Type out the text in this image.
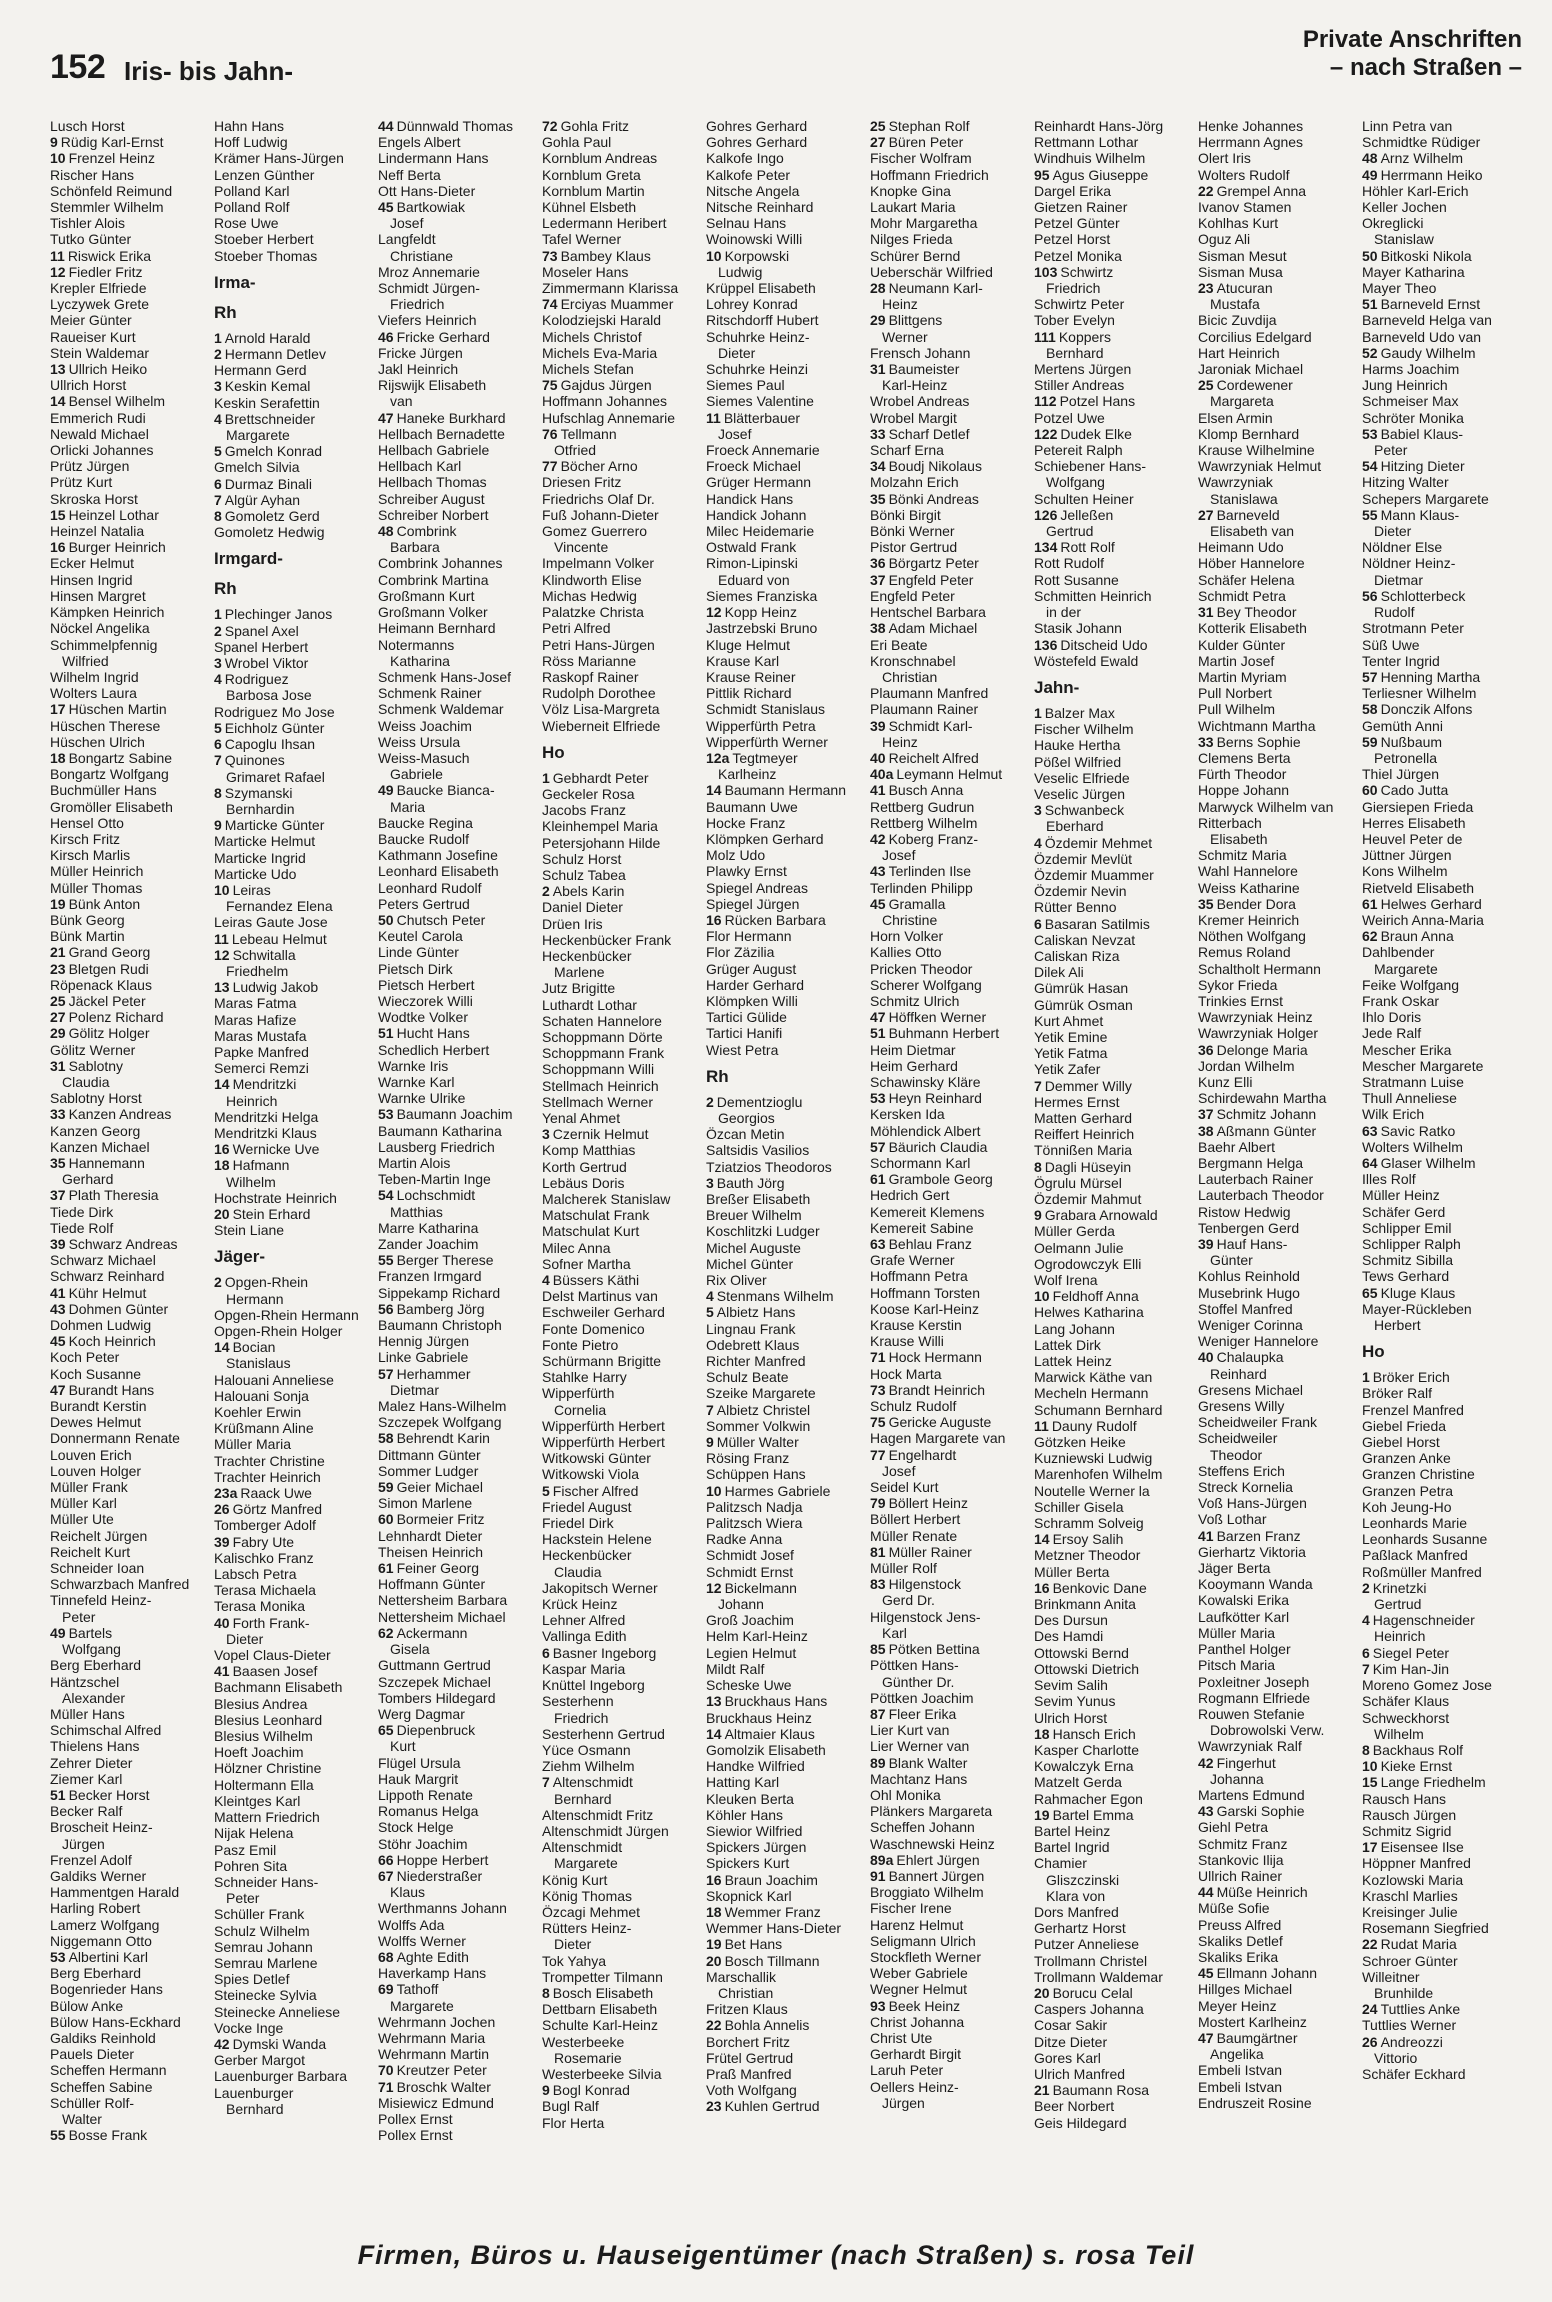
152 Iris- bis Jahn-
Private Anschriften
– nach Straßen –
Lusch Horst
9 Rüdig Karl-Ernst
10 Frenzel Heinz
Rischer Hans
Schönfeld Reimund
Stemmler Wilhelm
Tishler Alois
Tutko Günter
11 Riswick Erika
12 Fiedler Fritz
Krepler Elfriede
Lyczywek Grete
Meier Günter
Raueiser Kurt
Stein Waldemar
13 Ullrich Heiko
Ullrich Horst
14 Bensel Wilhelm
Emmerich Rudi
Newald Michael
Orlicki Johannes
Prütz Jürgen
Prütz Kurt
Skroska Horst
15 Heinzel Lothar
Heinzel Natalia
16 Burger Heinrich
Ecker Helmut
Hinsen Ingrid
Hinsen Margret
Kämpken Heinrich
Nöckel Angelika
Schimmelpfennig
Wilfried
Wilhelm Ingrid
Wolters Laura
17 Hüschen Martin
Hüschen Therese
Hüschen Ulrich
18 Bongartz Sabine
Bongartz Wolfgang
Buchmüller Hans
Gromöller Elisabeth
Hensel Otto
Kirsch Fritz
Kirsch Marlis
Müller Heinrich
Müller Thomas
19 Bünk Anton
Bünk Georg
Bünk Martin
21 Grand Georg
23 Bletgen Rudi
Röpenack Klaus
25 Jäckel Peter
27 Polenz Richard
29 Gölitz Holger
Gölitz Werner
31 Sablotny
Claudia
Sablotny Horst
33 Kanzen Andreas
Kanzen Georg
Kanzen Michael
35 Hannemann
Gerhard
37 Plath Theresia
Tiede Dirk
Tiede Rolf
39 Schwarz Andreas
Schwarz Michael
Schwarz Reinhard
41 Kühr Helmut
43 Dohmen Günter
Dohmen Ludwig
45 Koch Heinrich
Koch Peter
Koch Susanne
47 Burandt Hans
Burandt Kerstin
Dewes Helmut
Donnermann Renate
Louven Erich
Louven Holger
Müller Frank
Müller Karl
Müller Ute
Reichelt Jürgen
Reichelt Kurt
Schneider Ioan
Schwarzbach Manfred
Tinnefeld Heinz-
Peter
49 Bartels
Wolfgang
Berg Eberhard
Häntzschel
Alexander
Müller Hans
Schimschal Alfred
Thielens Hans
Zehrer Dieter
Ziemer Karl
51 Becker Horst
Becker Ralf
Broscheit Heinz-
Jürgen
Frenzel Adolf
Galdiks Werner
Hammentgen Harald
Harling Robert
Lamerz Wolfgang
Niggemann Otto
53 Albertini Karl
Berg Eberhard
Bogenrieder Hans
Bülow Anke
Bülow Hans-Eckhard
Galdiks Reinhold
Pauels Dieter
Scheffen Hermann
Scheffen Sabine
Schüller Rolf-
Walter
55 Bosse Frank
Hahn Hans
Hoff Ludwig
Krämer Hans-Jürgen
Lenzen Günther
Polland Karl
Polland Rolf
Rose Uwe
Stoeber Herbert
Stoeber Thomas
Irma-
Rh
1 Arnold Harald
2 Hermann Detlev
Hermann Gerd
3 Keskin Kemal
Keskin Serafettin
4 Brettschneider
Margarete
5 Gmelch Konrad
Gmelch Silvia
6 Durmaz Binali
7 Algür Ayhan
8 Gomoletz Gerd
Gomoletz Hedwig
Irmgard-
Rh
1 Plechinger Janos
2 Spanel Axel
Spanel Herbert
3 Wrobel Viktor
4 Rodriguez
Barbosa Jose
Rodriguez Mo Jose
5 Eichholz Günter
6 Capoglu Ihsan
7 Quinones
Grimaret Rafael
8 Szymanski
Bernhardin
9 Marticke Günter
Marticke Helmut
Marticke Ingrid
Marticke Udo
10 Leiras
Fernandez Elena
Leiras Gaute Jose
11 Lebeau Helmut
12 Schwitalla
Friedhelm
13 Ludwig Jakob
Maras Fatma
Maras Hafize
Maras Mustafa
Papke Manfred
Semerci Remzi
14 Mendritzki
Heinrich
Mendritzki Helga
Mendritzki Klaus
16 Wernicke Uve
18 Hafmann
Wilhelm
Hochstrate Heinrich
20 Stein Erhard
Stein Liane
Jäger-
2 Opgen-Rhein
Hermann
Opgen-Rhein Hermann
Opgen-Rhein Holger
14 Bocian
Stanislaus
Halouani Anneliese
Halouani Sonja
Koehler Erwin
Krüßmann Aline
Müller Maria
Trachter Christine
Trachter Heinrich
23a Raack Uwe
26 Görtz Manfred
Tomberger Adolf
39 Fabry Ute
Kalischko Franz
Labsch Petra
Terasa Michaela
Terasa Monika
40 Forth Frank-
Dieter
Vopel Claus-Dieter
41 Baasen Josef
Bachmann Elisabeth
Blesius Andrea
Blesius Leonhard
Blesius Wilhelm
Hoeft Joachim
Hölzner Christine
Holtermann Ella
Kleintges Karl
Mattern Friedrich
Nijak Helena
Pasz Emil
Pohren Sita
Schneider Hans-
Peter
Schüller Frank
Schulz Wilhelm
Semrau Johann
Semrau Marlene
Spies Detlef
Steinecke Sylvia
Steinecke Anneliese
Vocke Inge
42 Dymski Wanda
Gerber Margot
Lauenburger Barbara
Lauenburger
Bernhard
44 Dünnwald Thomas
Engels Albert
Lindermann Hans
Neff Berta
Ott Hans-Dieter
45 Bartkowiak
Josef
Langfeldt
Christiane
Mroz Annemarie
Schmidt Jürgen-
Friedrich
Viefers Heinrich
46 Fricke Gerhard
Fricke Jürgen
Jakl Heinrich
Rijswijk Elisabeth
van
47 Haneke Burkhard
Hellbach Bernadette
Hellbach Gabriele
Hellbach Karl
Hellbach Thomas
Schreiber August
Schreiber Norbert
48 Combrink
Barbara
Combrink Johannes
Combrink Martina
Großmann Kurt
Großmann Volker
Heimann Bernhard
Notermanns
Katharina
Schmenk Hans-Josef
Schmenk Rainer
Schmenk Waldemar
Weiss Joachim
Weiss Ursula
Weiss-Masuch
Gabriele
49 Baucke Bianca-
Maria
Baucke Regina
Baucke Rudolf
Kathmann Josefine
Leonhard Elisabeth
Leonhard Rudolf
Peters Gertrud
50 Chutsch Peter
Keutel Carola
Linde Günter
Pietsch Dirk
Pietsch Herbert
Wieczorek Willi
Wodtke Volker
51 Hucht Hans
Schedlich Herbert
Warnke Iris
Warnke Karl
Warnke Ulrike
53 Baumann Joachim
Baumann Katharina
Lausberg Friedrich
Martin Alois
Teben-Martin Inge
54 Lochschmidt
Matthias
Marre Katharina
Zander Joachim
55 Berger Therese
Franzen Irmgard
Sippekamp Richard
56 Bamberg Jörg
Baumann Christoph
Hennig Jürgen
Linke Gabriele
57 Herhammer
Dietmar
Malez Hans-Wilhelm
Szczepek Wolfgang
58 Behrendt Karin
Dittmann Günter
Sommer Ludger
59 Geier Michael
Simon Marlene
60 Bormeier Fritz
Lehnhardt Dieter
Theisen Heinrich
61 Feiner Georg
Hoffmann Günter
Nettersheim Barbara
Nettersheim Michael
62 Ackermann
Gisela
Guttmann Gertrud
Szczepek Michael
Tombers Hildegard
Werg Dagmar
65 Diepenbruck
Kurt
Flügel Ursula
Hauk Margrit
Lippoth Renate
Romanus Helga
Stock Helge
Stöhr Joachim
66 Hoppe Herbert
67 Niederstraßer
Klaus
Werthmanns Johann
Wolffs Ada
Wolffs Werner
68 Aghte Edith
Haverkamp Hans
69 Tathoff
Margarete
Wehrmann Jochen
Wehrmann Maria
Wehrmann Martin
70 Kreutzer Peter
71 Broschk Walter
Misiewicz Edmund
Pollex Ernst
Pollex Ernst
72 Gohla Fritz
Gohla Paul
Kornblum Andreas
Kornblum Greta
Kornblum Martin
Kühnel Elsbeth
Ledermann Heribert
Tafel Werner
73 Bambey Klaus
Moseler Hans
Zimmermann Klarissa
74 Erciyas Muammer
Kolodziejski Harald
Michels Christof
Michels Eva-Maria
Michels Stefan
75 Gajdus Jürgen
Hoffmann Johannes
Hufschlag Annemarie
76 Tellmann
Otfried
77 Böcher Arno
Driesen Fritz
Friedrichs Olaf Dr.
Fuß Johann-Dieter
Gomez Guerrero
Vincente
Impelmann Volker
Klindworth Elise
Michas Hedwig
Palatzke Christa
Petri Alfred
Petri Hans-Jürgen
Röss Marianne
Raskopf Rainer
Rudolph Dorothee
Völz Lisa-Margreta
Wieberneit Elfriede
Ho
1 Gebhardt Peter
Geckeler Rosa
Jacobs Franz
Kleinhempel Maria
Petersjohann Hilde
Schulz Horst
Schulz Tabea
2 Abels Karin
Daniel Dieter
Drüen Iris
Heckenbücker Frank
Heckenbücker
Marlene
Jutz Brigitte
Luthardt Lothar
Schaten Hannelore
Schoppmann Dörte
Schoppmann Frank
Schoppmann Willi
Stellmach Heinrich
Stellmach Werner
Yenal Ahmet
3 Czernik Helmut
Komp Matthias
Korth Gertrud
Lebäus Doris
Malcherek Stanislaw
Matschulat Frank
Matschulat Kurt
Milec Anna
Sofner Martha
4 Büssers Käthi
Delst Martinus van
Eschweiler Gerhard
Fonte Domenico
Fonte Pietro
Schürmann Brigitte
Stahlke Harry
Wipperfürth
Cornelia
Wipperfürth Herbert
Wipperfürth Herbert
Witkowski Günter
Witkowski Viola
5 Fischer Alfred
Friedel August
Friedel Dirk
Hackstein Helene
Heckenbücker
Claudia
Jakopitsch Werner
Krück Heinz
Lehner Alfred
Vallinga Edith
6 Basner Ingeborg
Kaspar Maria
Knüttel Ingeborg
Sesterhenn
Friedrich
Sesterhenn Gertrud
Yüce Osmann
Ziehm Wilhelm
7 Altenschmidt
Bernhard
Altenschmidt Fritz
Altenschmidt Jürgen
Altenschmidt
Margarete
König Kurt
König Thomas
Özcagi Mehmet
Rütters Heinz-
Dieter
Tok Yahya
Trompetter Tilmann
8 Bosch Elisabeth
Dettbarn Elisabeth
Schulte Karl-Heinz
Westerbeeke
Rosemarie
Westerbeeke Silvia
9 Bogl Konrad
Bugl Ralf
Flor Herta
Gohres Gerhard
Gohres Gerhard
Kalkofe Ingo
Kalkofe Peter
Nitsche Angela
Nitsche Reinhard
Selnau Hans
Woinowski Willi
10 Korpowski
Ludwig
Krüppel Elisabeth
Lohrey Konrad
Ritschdorff Hubert
Schuhrke Heinz-
Dieter
Schuhrke Heinzi
Siemes Paul
Siemes Valentine
11 Blätterbauer
Josef
Froeck Annemarie
Froeck Michael
Grüger Hermann
Handick Hans
Handick Johann
Milec Heidemarie
Ostwald Frank
Rimon-Lipinski
Eduard von
Siemes Franziska
12 Kopp Heinz
Jastrzebski Bruno
Kluge Helmut
Krause Karl
Krause Reiner
Pittlik Richard
Schmidt Stanislaus
Wipperfürth Petra
Wipperfürth Werner
12a Tegtmeyer
Karlheinz
14 Baumann Hermann
Baumann Uwe
Hocke Franz
Klömpken Gerhard
Molz Udo
Plawky Ernst
Spiegel Andreas
Spiegel Jürgen
16 Rücken Barbara
Flor Hermann
Flor Zäzilia
Grüger August
Harder Gerhard
Klömpken Willi
Tartici Gülide
Tartici Hanifi
Wiest Petra
Rh
2 Dementzioglu
Georgios
Özcan Metin
Saltsidis Vasilios
Tziatzios Theodoros
3 Bauth Jörg
Breßer Elisabeth
Breuer Wilhelm
Koschlitzki Ludger
Michel Auguste
Michel Günter
Rix Oliver
4 Stenmans Wilhelm
5 Albietz Hans
Lingnau Frank
Odebrett Klaus
Richter Manfred
Schulz Beate
Szeike Margarete
7 Albietz Christel
Sommer Volkwin
9 Müller Walter
Rösing Franz
Schüppen Hans
10 Harmes Gabriele
Palitzsch Nadja
Palitzsch Wiera
Radke Anna
Schmidt Josef
Schmidt Ernst
12 Bickelmann
Johann
Groß Joachim
Helm Karl-Heinz
Legien Helmut
Mildt Ralf
Scheske Uwe
13 Bruckhaus Hans
Bruckhaus Heinz
14 Altmaier Klaus
Gomolzik Elisabeth
Handke Wilfried
Hatting Karl
Kleuken Berta
Köhler Hans
Siewior Wilfried
Spickers Jürgen
Spickers Kurt
16 Braun Joachim
Skopnick Karl
18 Wemmer Franz
Wemmer Hans-Dieter
19 Bet Hans
20 Bosch Tillmann
Marschallik
Christian
Fritzen Klaus
22 Bohla Annelis
Borchert Fritz
Frütel Gertrud
Praß Manfred
Voth Wolfgang
23 Kuhlen Gertrud
25 Stephan Rolf
27 Büren Peter
Fischer Wolfram
Hoffmann Friedrich
Knopke Gina
Laukart Maria
Mohr Margaretha
Nilges Frieda
Schürer Bernd
Ueberschär Wilfried
28 Neumann Karl-
Heinz
29 Blittgens
Werner
Frensch Johann
31 Baumeister
Karl-Heinz
Wrobel Andreas
Wrobel Margit
33 Scharf Detlef
Scharf Erna
34 Boudj Nikolaus
Molzahn Erich
35 Bönki Andreas
Bönki Birgit
Bönki Werner
Pistor Gertrud
36 Börgartz Peter
37 Engfeld Peter
Engfeld Peter
Hentschel Barbara
38 Adam Michael
Eri Beate
Kronschnabel
Christian
Plaumann Manfred
Plaumann Rainer
39 Schmidt Karl-
Heinz
40 Reichelt Alfred
40a Leymann Helmut
41 Busch Anna
Rettberg Gudrun
Rettberg Wilhelm
42 Koberg Franz-
Josef
43 Terlinden Ilse
Terlinden Philipp
45 Gramalla
Christine
Horn Volker
Kallies Otto
Pricken Theodor
Scherer Wolfgang
Schmitz Ulrich
47 Höffken Werner
51 Buhmann Herbert
Heim Dietmar
Heim Gerhard
Schawinsky Kläre
53 Heyn Reinhard
Kersken Ida
Möhlendick Albert
57 Bäurich Claudia
Schormann Karl
61 Grambole Georg
Hedrich Gert
Kemereit Klemens
Kemereit Sabine
63 Behlau Franz
Grafe Werner
Hoffmann Petra
Hoffmann Torsten
Koose Karl-Heinz
Krause Kerstin
Krause Willi
71 Hock Hermann
Hock Marta
73 Brandt Heinrich
Schulz Rudolf
75 Gericke Auguste
Hagen Margarete van
77 Engelhardt
Josef
Seidel Kurt
79 Böllert Heinz
Böllert Herbert
Müller Renate
81 Müller Rainer
Müller Rolf
83 Hilgenstock
Gerd Dr.
Hilgenstock Jens-
Karl
85 Pötken Bettina
Pöttken Hans-
Günther Dr.
Pöttken Joachim
87 Fleer Erika
Lier Kurt van
Lier Werner van
89 Blank Walter
Machtanz Hans
Ohl Monika
Plänkers Margareta
Scheffen Johann
Waschnewski Heinz
89a Ehlert Jürgen
91 Bannert Jürgen
Broggiato Wilhelm
Fischer Irene
Harenz Helmut
Seligmann Ulrich
Stockfleth Werner
Weber Gabriele
Wegner Helmut
93 Beek Heinz
Christ Johanna
Christ Ute
Gerhardt Birgit
Laruh Peter
Oellers Heinz-
Jürgen
Reinhardt Hans-Jörg
Rettmann Lothar
Windhuis Wilhelm
95 Agus Giuseppe
Dargel Erika
Gietzen Rainer
Petzel Günter
Petzel Horst
Petzel Monika
103 Schwirtz
Friedrich
Schwirtz Peter
Tober Evelyn
111 Koppers
Bernhard
Mertens Jürgen
Stiller Andreas
112 Potzel Hans
Potzel Uwe
122 Dudek Elke
Petereit Ralph
Schiebener Hans-
Wolfgang
Schulten Heiner
126 Jelleßen
Gertrud
134 Rott Rolf
Rott Rudolf
Rott Susanne
Schmitten Heinrich
in der
Stasik Johann
136 Ditscheid Udo
Wöstefeld Ewald
Jahn-
1 Balzer Max
Fischer Wilhelm
Hauke Hertha
Pößel Wilfried
Veselic Elfriede
Veselic Jürgen
3 Schwanbeck
Eberhard
4 Özdemir Mehmet
Özdemir Mevlüt
Özdemir Muammer
Özdemir Nevin
Rütter Benno
6 Basaran Satilmis
Caliskan Nevzat
Caliskan Riza
Dilek Ali
Gümrük Hasan
Gümrük Osman
Kurt Ahmet
Yetik Emine
Yetik Fatma
Yetik Zafer
7 Demmer Willy
Hermes Ernst
Matten Gerhard
Reiffert Heinrich
Tönnißen Maria
8 Dagli Hüseyin
Ögrulu Mürsel
Özdemir Mahmut
9 Grabara Arnowald
Müller Gerda
Oelmann Julie
Ogrodowczyk Elli
Wolf Irena
10 Feldhoff Anna
Helwes Katharina
Lang Johann
Lattek Dirk
Lattek Heinz
Marwick Käthe van
Mecheln Hermann
Schumann Bernhard
11 Dauny Rudolf
Götzken Heike
Kuzniewski Ludwig
Marenhofen Wilhelm
Noutelle Werner la
Schiller Gisela
Schramm Solveig
14 Ersoy Salih
Metzner Theodor
Müller Berta
16 Benkovic Dane
Brinkmann Anita
Des Dursun
Des Hamdi
Ottowski Bernd
Ottowski Dietrich
Sevim Salih
Sevim Yunus
Ulrich Horst
18 Hansch Erich
Kasper Charlotte
Kowalczyk Erna
Matzelt Gerda
Rahmacher Egon
19 Bartel Emma
Bartel Heinz
Bartel Ingrid
Chamier
Gliszczinski
Klara von
Dors Manfred
Gerhartz Horst
Putzer Anneliese
Trollmann Christel
Trollmann Waldemar
20 Borucu Celal
Caspers Johanna
Cosar Sakir
Ditze Dieter
Gores Karl
Ulrich Manfred
21 Baumann Rosa
Beer Norbert
Geis Hildegard
Henke Johannes
Herrmann Agnes
Olert Iris
Wolters Rudolf
22 Grempel Anna
Ivanov Stamen
Kohlhas Kurt
Oguz Ali
Sisman Mesut
Sisman Musa
23 Atucuran
Mustafa
Bicic Zuvdija
Corcilius Edelgard
Hart Heinrich
Jaroniak Michael
25 Cordewener
Margareta
Elsen Armin
Klomp Bernhard
Krause Wilhelmine
Wawrzyniak Helmut
Wawrzyniak
Stanislawa
27 Barneveld
Elisabeth van
Heimann Udo
Höber Hannelore
Schäfer Helena
Schmidt Petra
31 Bey Theodor
Kotterik Elisabeth
Kulder Günter
Martin Josef
Martin Myriam
Pull Norbert
Pull Wilhelm
Wichtmann Martha
33 Berns Sophie
Clemens Berta
Fürth Theodor
Hoppe Johann
Marwyck Wilhelm van
Ritterbach
Elisabeth
Schmitz Maria
Wahl Hannelore
Weiss Katharine
35 Bender Dora
Kremer Heinrich
Nöthen Wolfgang
Remus Roland
Schaltholt Hermann
Sykor Frieda
Trinkies Ernst
Wawrzyniak Heinz
Wawrzyniak Holger
36 Delonge Maria
Jordan Wilhelm
Kunz Elli
Schirdewahn Martha
37 Schmitz Johann
38 Aßmann Günter
Baehr Albert
Bergmann Helga
Lauterbach Rainer
Lauterbach Theodor
Ristow Hedwig
Tenbergen Gerd
39 Hauf Hans-
Günter
Kohlus Reinhold
Musebrink Hugo
Stoffel Manfred
Weniger Corinna
Weniger Hannelore
40 Chalaupka
Reinhard
Gresens Michael
Gresens Willy
Scheidweiler Frank
Scheidweiler
Theodor
Steffens Erich
Streck Kornelia
Voß Hans-Jürgen
Voß Lothar
41 Barzen Franz
Gierhartz Viktoria
Jäger Berta
Kooymann Wanda
Kowalski Erika
Laufkötter Karl
Müller Maria
Panthel Holger
Pitsch Maria
Poxleitner Joseph
Rogmann Elfriede
Rouwen Stefanie
Dobrowolski Verw.
Wawrzyniak Ralf
42 Fingerhut
Johanna
Martens Edmund
43 Garski Sophie
Giehl Petra
Schmitz Franz
Stankovic Ilija
Ullrich Rainer
44 Müße Heinrich
Müße Sofie
Preuss Alfred
Skaliks Detlef
Skaliks Erika
45 Ellmann Johann
Hillges Michael
Meyer Heinz
Mostert Karlheinz
47 Baumgärtner
Angelika
Embeli Istvan
Embeli Istvan
Endruszeit Rosine
Linn Petra van
Schmidtke Rüdiger
48 Arnz Wilhelm
49 Herrmann Heiko
Höhler Karl-Erich
Keller Jochen
Okreglicki
Stanislaw
50 Bitkoski Nikola
Mayer Katharina
Mayer Theo
51 Barneveld Ernst
Barneveld Helga van
Barneveld Udo van
52 Gaudy Wilhelm
Harms Joachim
Jung Heinrich
Schmeiser Max
Schröter Monika
53 Babiel Klaus-
Peter
54 Hitzing Dieter
Hitzing Walter
Schepers Margarete
55 Mann Klaus-
Dieter
Nöldner Else
Nöldner Heinz-
Dietmar
56 Schlotterbeck
Rudolf
Strotmann Peter
Süß Uwe
Tenter Ingrid
57 Henning Martha
Terliesner Wilhelm
58 Donczik Alfons
Gemüth Anni
59 Nußbaum
Petronella
Thiel Jürgen
60 Cado Jutta
Giersiepen Frieda
Herres Elisabeth
Heuvel Peter de
Jüttner Jürgen
Kons Wilhelm
Rietveld Elisabeth
61 Helwes Gerhard
Weirich Anna-Maria
62 Braun Anna
Dahlbender
Margarete
Feike Wolfgang
Frank Oskar
Ihlo Doris
Jede Ralf
Mescher Erika
Mescher Margarete
Stratmann Luise
Thull Anneliese
Wilk Erich
63 Savic Ratko
Wolters Wilhelm
64 Glaser Wilhelm
Illes Rolf
Müller Heinz
Schäfer Gerd
Schlipper Emil
Schlipper Ralph
Schmitz Sibilla
Tews Gerhard
65 Kluge Klaus
Mayer-Rückleben
Herbert
Ho
1 Bröker Erich
Bröker Ralf
Frenzel Manfred
Giebel Frieda
Giebel Horst
Granzen Anke
Granzen Christine
Granzen Petra
Koh Jeung-Ho
Leonhards Marie
Leonhards Susanne
Paßlack Manfred
Roßmüller Manfred
2 Krinetzki
Gertrud
4 Hagenschneider
Heinrich
6 Siegel Peter
7 Kim Han-Jin
Moreno Gomez Jose
Schäfer Klaus
Schweckhorst
Wilhelm
8 Backhaus Rolf
10 Kieke Ernst
15 Lange Friedhelm
Rausch Hans
Rausch Jürgen
Schmitz Sigrid
17 Eisensee Ilse
Höppner Manfred
Kozlowski Maria
Kraschl Marlies
Kreisinger Julie
Rosemann Siegfried
22 Rudat Maria
Schroer Günter
Willeitner
Brunhilde
24 Tuttlies Anke
Tuttlies Werner
26 Andreozzi
Vittorio
Schäfer Eckhard
Firmen, Büros u. Hauseigentümer (nach Straßen) s. rosa Teil
